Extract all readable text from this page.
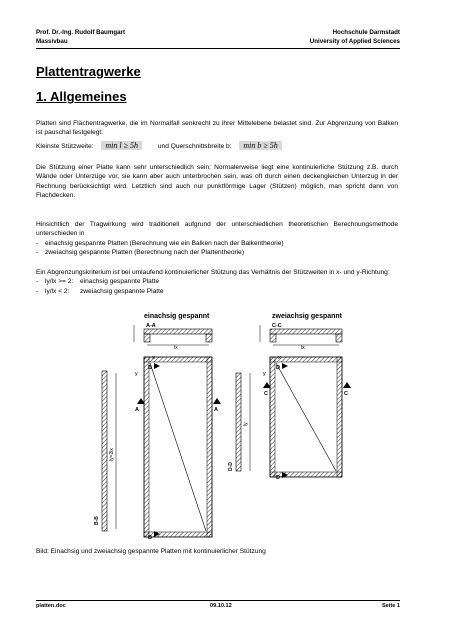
Prof. Dr.-Ing. Rudolf Baumgart
Massivbau
Hochschule Darmstadt
University of Applied Sciences
Plattentragwerke
1. Allgemeines

Platten sind Flächentragwerke, die im Normalfall senkrecht zu ihrer Mittelebene belastet sind. Zur Abgrenzung von Balken ist pauschal festgelegt:

Kleinste Stützweite: min l ≥ 5h	und Querschnittsbreite b: min b ≥ 5h

Die Stützung einer Platte kann sehr unterschiedlich sein: Normalerweise liegt eine kontinuierliche Stützung z.B. durch Wände oder Unterzüge vor, sie kann aber auch unterbrochen sein, was oft durch einen deckengleichen Unterzug in der Rechnung berücksichtigt wird. Letztlich sind auch nur punktförmige Lager (Stützen) möglich, man spricht dann von Flachdecken.

Hinsichtlich der Tragwirkung wird traditionell aufgrund der unterschiedlichen theoretischen Berechnungsmethode unterschieden in

- einachsig gespannte Platten (Berechnung wie ein Balken nach der Balkentheorie)
- zweiachsig gespannte Platten (Berechnung nach der Plattentheorie)

Ein Abgrenzungskriterium ist bei umlaufend kontinuierlicher Stützung das Verhältnis der Stützweiten in x- und y-Richtung:

- ly/lx >= 2: einachsig gespannte Platte
- ly/lx < 2: zweiachsig gespannte Platte
einachsig gespannt	zweiachsig gespannt
A-A	C-C
lx	lx
B
B
A	A
y
x
B-B
ly=2lx
D
D
C	C
y
x
D-D
ly
Bild: Einachsig und zweiachsig gespannte Platten mit kontinuierlicher Stützung
platten.doc	09.10.12	Seite 1
